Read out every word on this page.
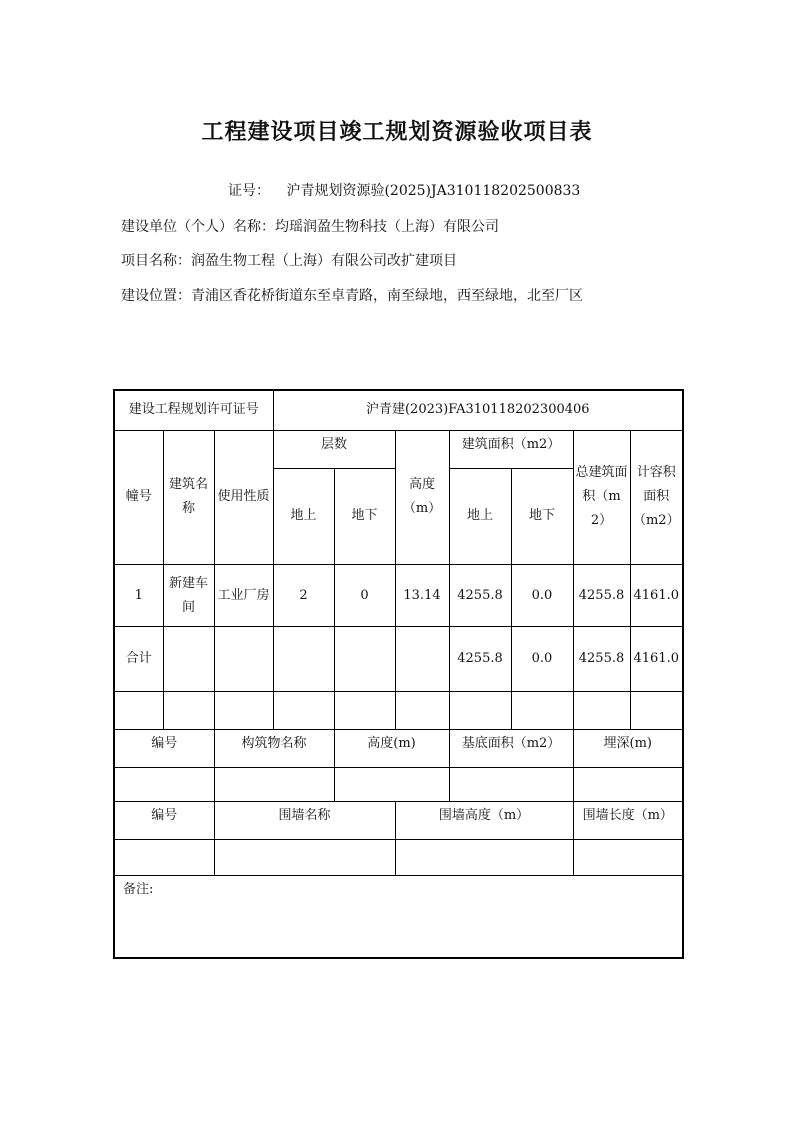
工程建设项目竣工规划资源验收项目表
证号： 沪青规划资源验(2025)JA310118202500833
建设单位（个人）名称：均瑶润盈生物科技（上海）有限公司
项目名称：润盈生物工程（上海）有限公司改扩建项目
建设位置：青浦区香花桥街道东至卓青路，南至绿地，西至绿地，北至厂区
建设工程规划许可证号			沪青建(2023)FA310118202300406						
幢号	建筑名称	使用性质	层数		高度（m）	建筑面积（m2）		总建筑面积（m2）	计容积面积（m2）
			地上	地下		地上	地下		
1	新建车间	工业厂房	2	0	13.14	4255.8	0.0	4255.8	4161.0
合计						4255.8	0.0	4255.8	4161.0

编号		构筑物名称		高度(m)		基底面积（m2）		埋深(m)	

编号		围墙名称			围墙高度（m）			围墙长度（m）	

备注:									
